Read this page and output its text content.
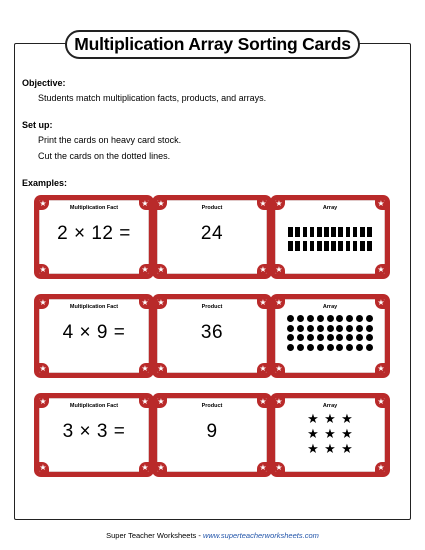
Multiplication Array Sorting Cards
Objective:
Students match multiplication facts, products, and arrays.
Set up:
Print the cards on heavy card stock.
Cut the cards on the dotted lines.
Examples:
★	★
★	★
Multiplication Fact
2 × 12 =
★	★
★	★
Product
24
★	★
★	★
Array
★	★
★	★
Multiplication Fact
4 × 9 =
★	★
★	★
Product
36
★	★
★	★
Array
★	★
★	★
Multiplication Fact
3 × 3 =
★	★
★	★
Product
9
★	★
★	★
Array
★ ★ ★
★ ★ ★
★ ★ ★
Super Teacher Worksheets - www.superteacherworksheets.com
